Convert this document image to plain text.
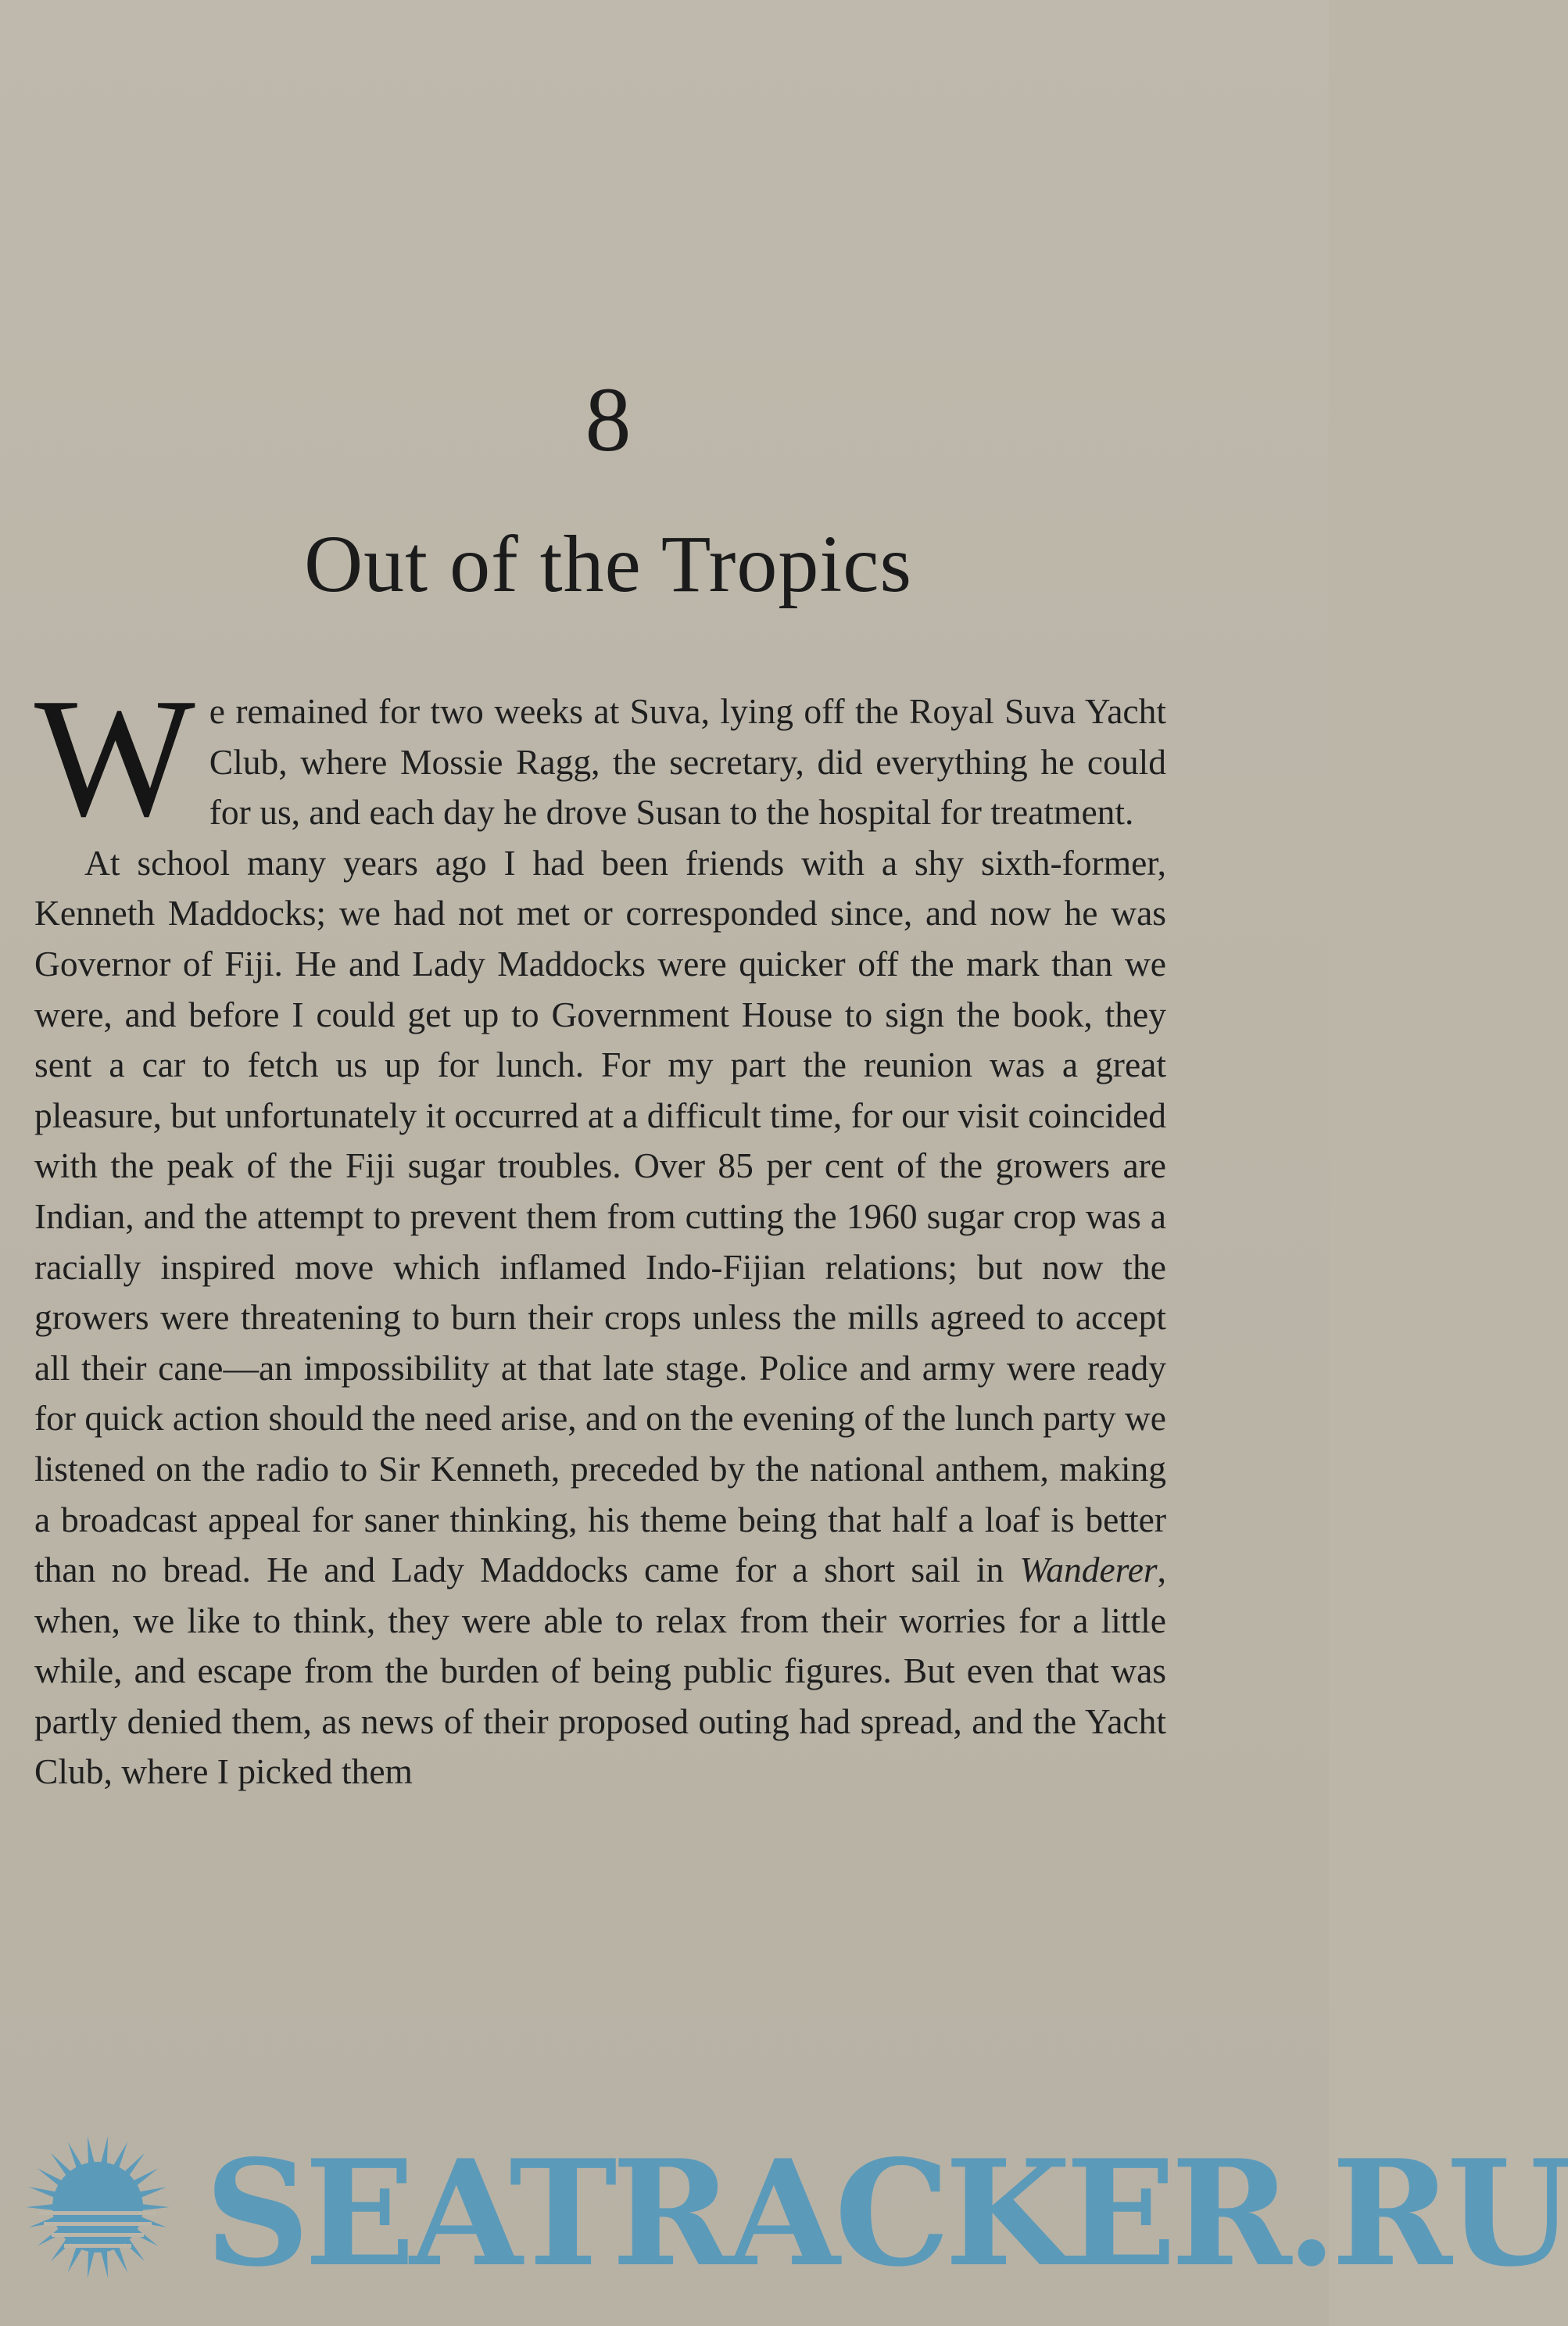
8
Out of the Tropics

We remained for two weeks at Suva, lying off the Royal Suva Yacht Club, where Mossie Ragg, the secretary, did everything he could for us, and each day he drove Susan to the hospital for treatment.

At school many years ago I had been friends with a shy sixth-former, Kenneth Maddocks; we had not met or corresponded since, and now he was Governor of Fiji. He and Lady Maddocks were quicker off the mark than we were, and before I could get up to Government House to sign the book, they sent a car to fetch us up for lunch. For my part the reunion was a great pleasure, but unfortunately it occurred at a difficult time, for our visit coincided with the peak of the Fiji sugar troubles. Over 85 per cent of the growers are Indian, and the attempt to prevent them from cutting the 1960 sugar crop was a racially inspired move which inflamed Indo-Fijian relations; but now the growers were threatening to burn their crops unless the mills agreed to accept all their cane—an impossibility at that late stage. Police and army were ready for quick action should the need arise, and on the evening of the lunch party we listened on the radio to Sir Kenneth, preceded by the national anthem, making a broadcast appeal for saner thinking, his theme being that half a loaf is better than no bread. He and Lady Maddocks came for a short sail in Wanderer, when, we like to think, they were able to relax from their worries for a little while, and escape from the burden of being public figures. But even that was partly denied them, as news of their proposed outing had spread, and the Yacht Club, where I picked them

SEATRACKER.RU
